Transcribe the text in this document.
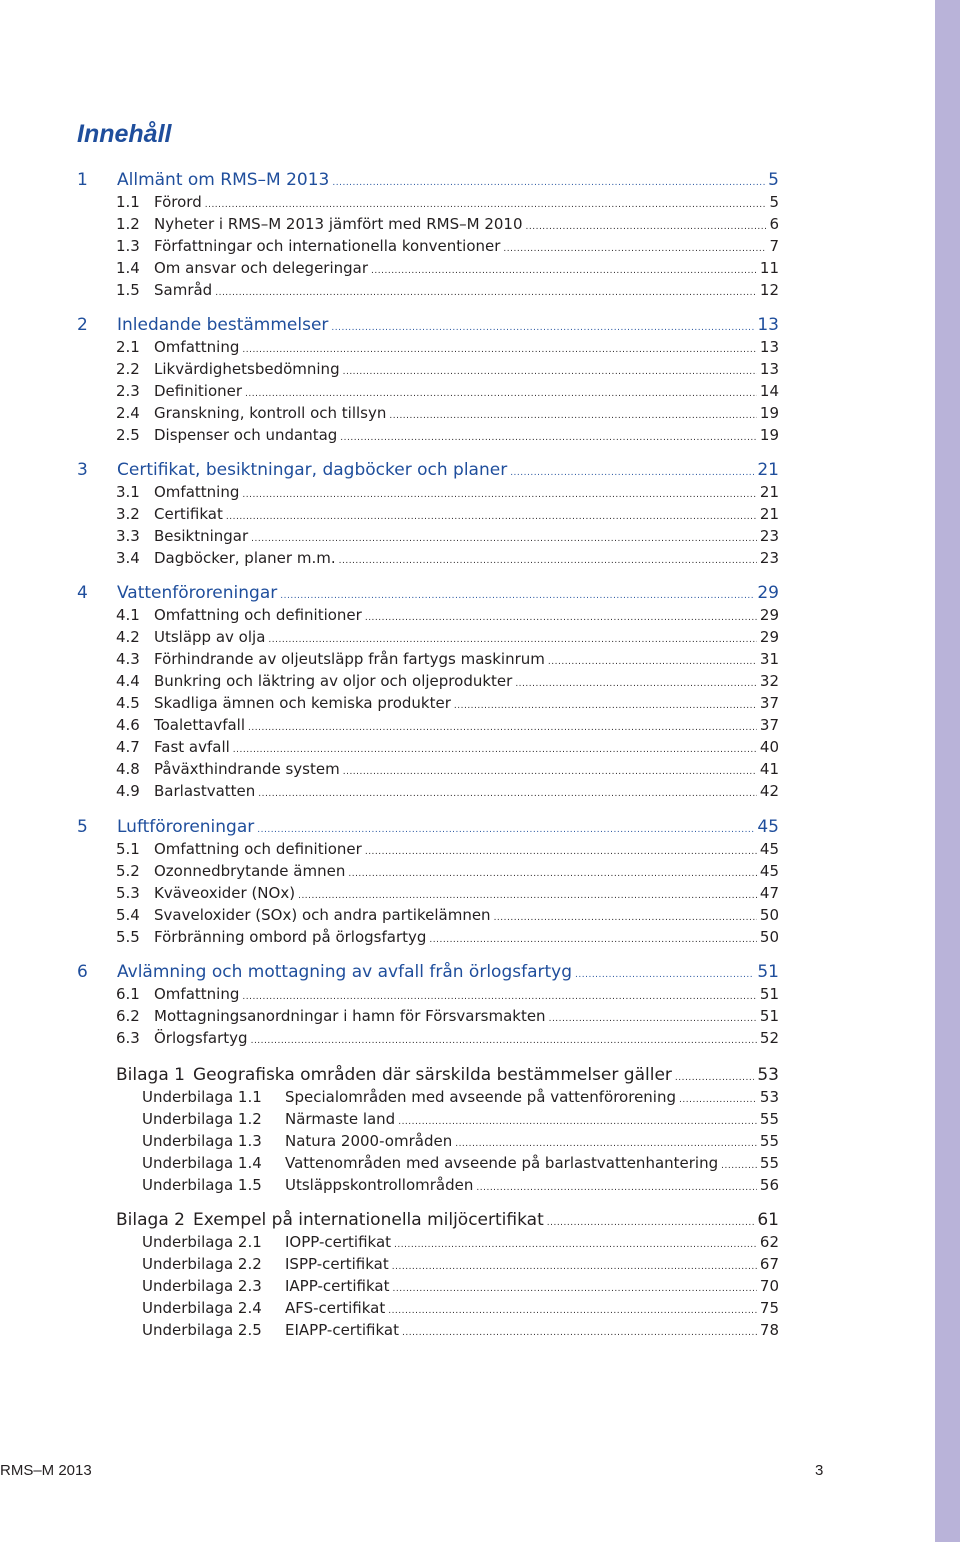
Innehåll
1	Allmänt om RMS–M 2013 .....	5
1.1 Förord .....	5
1.2 Nyheter i RMS–M 2013 jämfört med RMS–M 2010 .....	6
1.3 Författningar och internationella konventioner .....	7
1.4 Om ansvar och delegeringar .....	11
1.5 Samråd .....	12
2	Inledande bestämmelser .....	13
2.1 Omfattning .....	13
2.2 Likvärdighetsbedömning .....	13
2.3 Definitioner .....	14
2.4 Granskning, kontroll och tillsyn .....	19
2.5 Dispenser och undantag .....	19
3	Certifikat, besiktningar, dagböcker och planer .....	21
3.1 Omfattning .....	21
3.2 Certifikat .....	21
3.3 Besiktningar .....	23
3.4 Dagböcker, planer m.m. .....	23
4	Vattenföroreningar .....	29
4.1 Omfattning och definitioner .....	29
4.2 Utsläpp av olja .....	29
4.3 Förhindrande av oljeutsläpp från fartygs maskinrum .....	31
4.4 Bunkring och läktring av oljor och oljeprodukter .....	32
4.5 Skadliga ämnen och kemiska produkter .....	37
4.6 Toalettavfall .....	37
4.7 Fast avfall .....	40
4.8 Påväxthindrande system .....	41
4.9 Barlastvatten .....	42
5	Luftföroreningar .....	45
5.1 Omfattning och definitioner .....	45
5.2 Ozonnedbrytande ämnen .....	45
5.3 Kväveoxider (NOx) .....	47
5.4 Svaveloxider (SOx) och andra partikelämnen .....	50
5.5 Förbränning ombord på örlogsfartyg .....	50
6	Avlämning och mottagning av avfall från örlogsfartyg .....	51
6.1 Omfattning .....	51
6.2 Mottagningsanordningar i hamn för Försvarsmakten .....	51
6.3 Örlogsfartyg .....	52
Bilaga 1 Geografiska områden där särskilda bestämmelser gäller .....	53
Underbilaga 1.1	Specialområden med avseende på vattenförorening .....	53
Underbilaga 1.2	Närmaste land .....	55
Underbilaga 1.3	Natura 2000-områden .....	55
Underbilaga 1.4	Vattenområden med avseende på barlastvattenhantering .....	55
Underbilaga 1.5	Utsläppskontrollområden .....	56
Bilaga 2 Exempel på internationella miljöcertifikat .....	61
Underbilaga 2.1	IOPP-certifikat .....	62
Underbilaga 2.2	ISPP-certifikat .....	67
Underbilaga 2.3	IAPP-certifikat .....	70
Underbilaga 2.4	AFS-certifikat .....	75
Underbilaga 2.5	EIAPP-certifikat .....	78
RMS–M 2013	3
